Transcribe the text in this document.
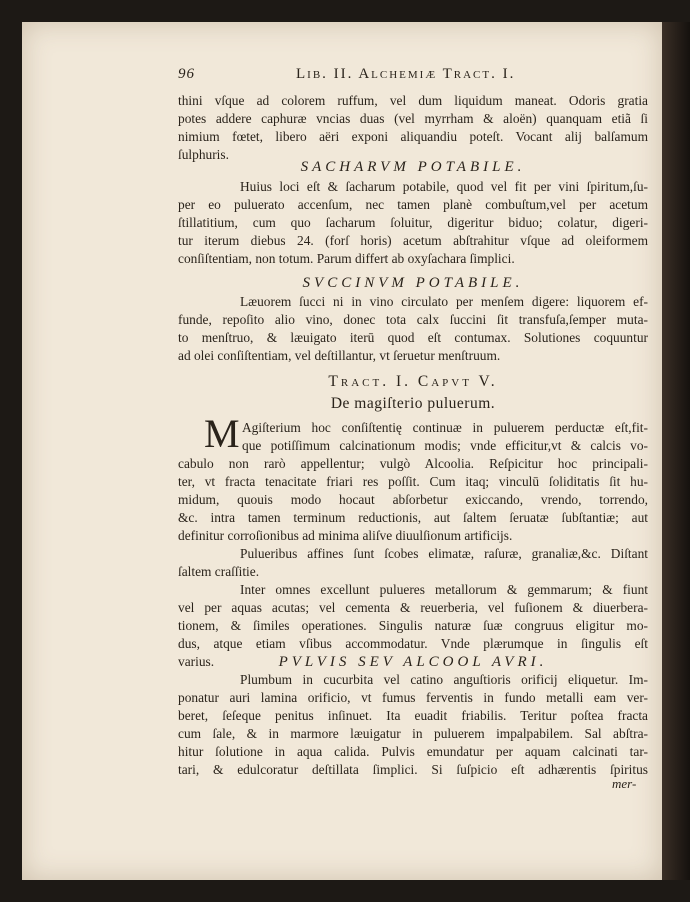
96	Lib. II. Alchemiæ Tract. I.
thini vſque ad colorem ruffum, vel dum liquidum maneat. Odoris gratia
potes addere caphuræ vncias duas (vel myrrham & aloën) quanquam etiã ſi
nimium fœtet, libero aëri exponi aliquandiu poteſt. Vocant alij balſamum
ſulphuris.
SACHARVM POTABILE.
Huius loci eſt & ſacharum potabile, quod vel fit per vini ſpiritum,ſu-
per eo puluerato accenſum, nec tamen planè combuſtum,vel per acetum
ſtillatitium, cum quo ſacharum ſoluitur, digeritur biduo; colatur, digeri-
tur iterum diebus 24. (forſ horis) acetum abſtrahitur vſque ad oleiformem
conſiſtentiam, non totum. Parum differt ab oxyſachara ſimplici.
SVCCINVM POTABILE.
Læuorem ſucci ni in vino circulato per menſem digere: liquorem ef-
funde, repoſito alio vino, donec tota calx ſuccini ſit transfuſa,ſemper muta-
to menſtruo, & læuigato iterū quod eſt contumax. Solutiones coquuntur
ad olei conſiſtentiam, vel deſtillantur, vt ſeruetur menſtruum.
Tract. I. Capvt V.
De magiſterio puluerum.
M Agiſterium hoc conſiſtentię continuæ in puluerem perductæ eſt,fit-
que potiſſimum calcinationum modis; vnde efficitur,vt & calcis vo-
cabulo non rarò appellentur; vulgò Alcoolia. Reſpicitur hoc principali-
ter, vt fracta tenacitate friari res poſſit. Cum itaq; vinculū ſoliditatis ſit hu-
midum, quouis modo hocaut abſorbetur exiccando, vrendo, torrendo,
&c. intra tamen terminum reductionis, aut ſaltem ſeruatæ ſubſtantiæ; aut
definitur corroſionibus ad minima aliſve diuulſionum artificijs.
Pulueribus affines ſunt ſcobes elimatæ, raſuræ, granaliæ,&c. Diſtant
ſaltem craſſitie.
Inter omnes excellunt pulueres metallorum & gemmarum; & fiunt
vel per aquas acutas; vel cementa & reuerberia, vel fuſionem & diuerbera-
tionem, & ſimiles operationes. Singulis naturæ ſuæ congruus eligitur mo-
dus, atque etiam vſibus accommodatur. Vnde plærumque in ſingulis eſt
varius.	PVLVIS SEV ALCOOL AVRI.
Plumbum in cucurbita vel catino anguſtioris orificij eliquetur. Im-
ponatur auri lamina orificio, vt fumus ferventis in fundo metalli eam ver-
beret, ſeſeque penitus inſinuet. Ita euadit friabilis. Teritur poſtea fracta
cum ſale, & in marmore læuigatur in puluerem impalpabilem. Sal abſtra-
hitur ſolutione in aqua calida. Pulvis emundatur per aquam calcinati tar-
tari, & edulcoratur deſtillata ſimplici. Si ſuſpicio eſt adhærentis ſpiritus
mer-
